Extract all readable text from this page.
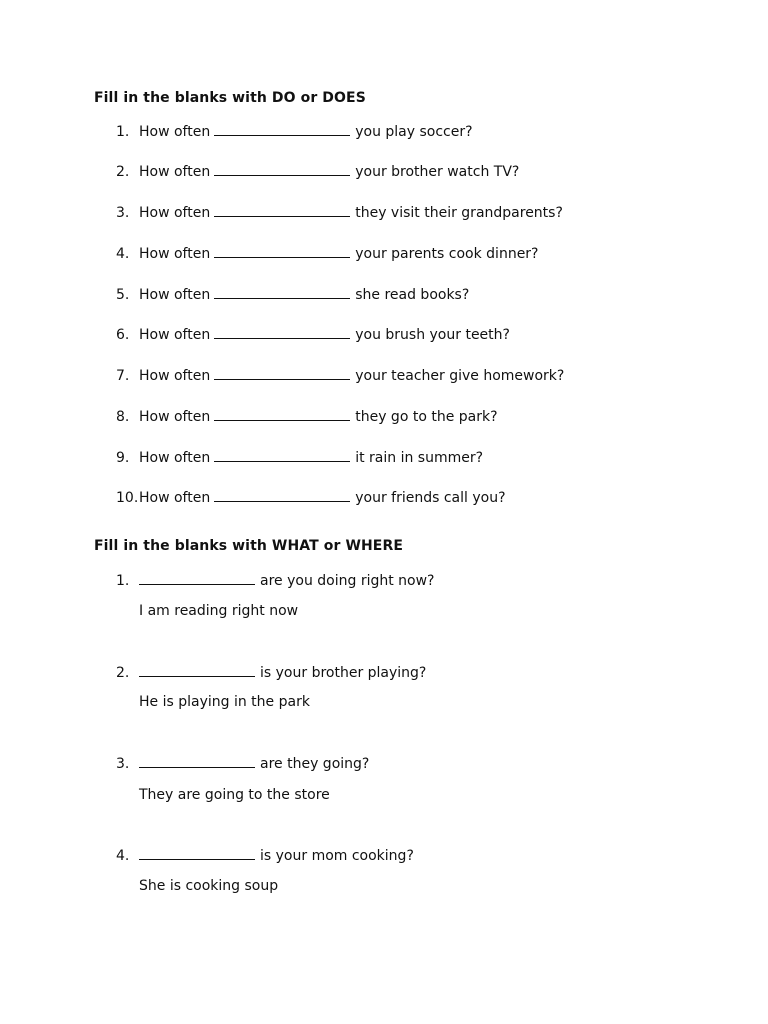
Fill in the blanks with DO or DOES
1. How often	you play soccer?
2. How often	your brother watch TV?
3. How often	they visit their grandparents?
4. How often	your parents cook dinner?
5. How often	she read books?
6. How often	you brush your teeth?
7. How often	your teacher give homework?
8. How often	they go to the park?
9. How often	it rain in summer?
10.How often	your friends call you?
Fill in the blanks with WHAT or WHERE
1.	are you doing right now?
I am reading right now
2.	is your brother playing?
He is playing in the park
3.	are they going?
They are going to the store
4.	is your mom cooking?
She is cooking soup
